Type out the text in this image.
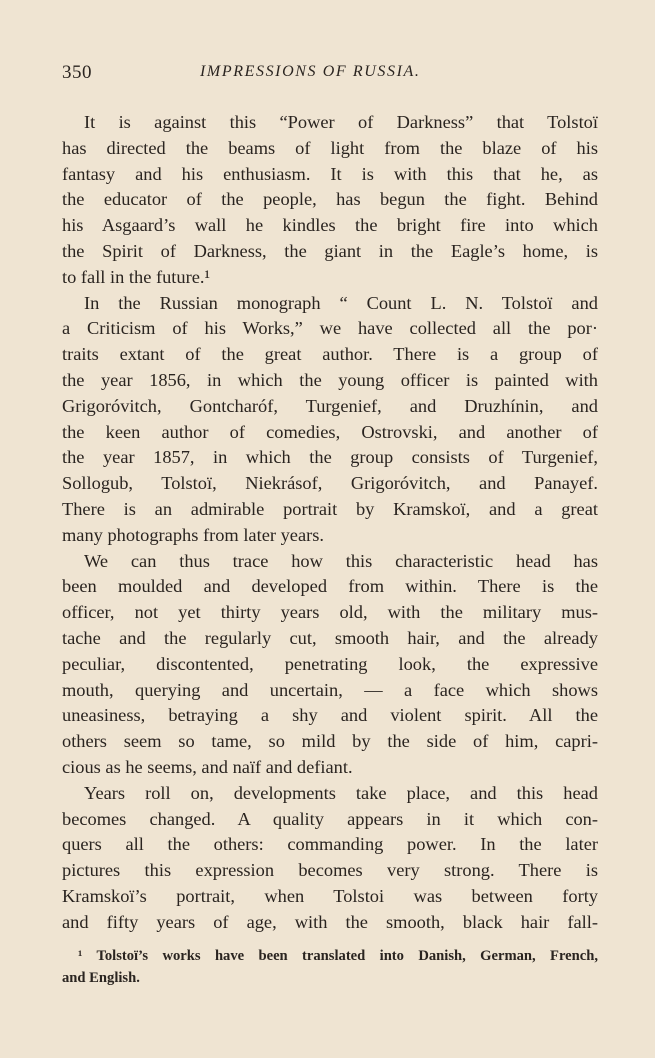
350	IMPRESSIONS OF RUSSIA.
It is against this “Power of Darkness” that Tolstoï
has directed the beams of light from the blaze of his
fantasy and his enthusiasm. It is with this that he, as
the educator of the people, has begun the fight. Behind
his Asgaard’s wall he kindles the bright fire into which
the Spirit of Darkness, the giant in the Eagle’s home, is
to fall in the future.¹
In the Russian monograph “ Count L. N. Tolstoï and
a Criticism of his Works,” we have collected all the por·
traits extant of the great author. There is a group of
the year 1856, in which the young officer is painted with
Grigoróvitch, Gontcharóf, Turgenief, and Druzhínin, and
the keen author of comedies, Ostrovski, and another of
the year 1857, in which the group consists of Turgenief,
Sollogub, Tolstoï, Niekrásof, Grigoróvitch, and Panayef.
There is an admirable portrait by Kramskoï, and a great
many photographs from later years.
We can thus trace how this characteristic head has
been moulded and developed from within. There is the
officer, not yet thirty years old, with the military mus-
tache and the regularly cut, smooth hair, and the already
peculiar, discontented, penetrating look, the expressive
mouth, querying and uncertain, — a face which shows
uneasiness, betraying a shy and violent spirit. All the
others seem so tame, so mild by the side of him, capri-
cious as he seems, and naïf and defiant.
Years roll on, developments take place, and this head
becomes changed. A quality appears in it which con-
quers all the others: commanding power. In the later
pictures this expression becomes very strong. There is
Kramskoï’s portrait, when Tolstoi was between forty
and fifty years of age, with the smooth, black hair fall-
¹ Tolstoï’s works have been translated into Danish, German, French,
and English.
